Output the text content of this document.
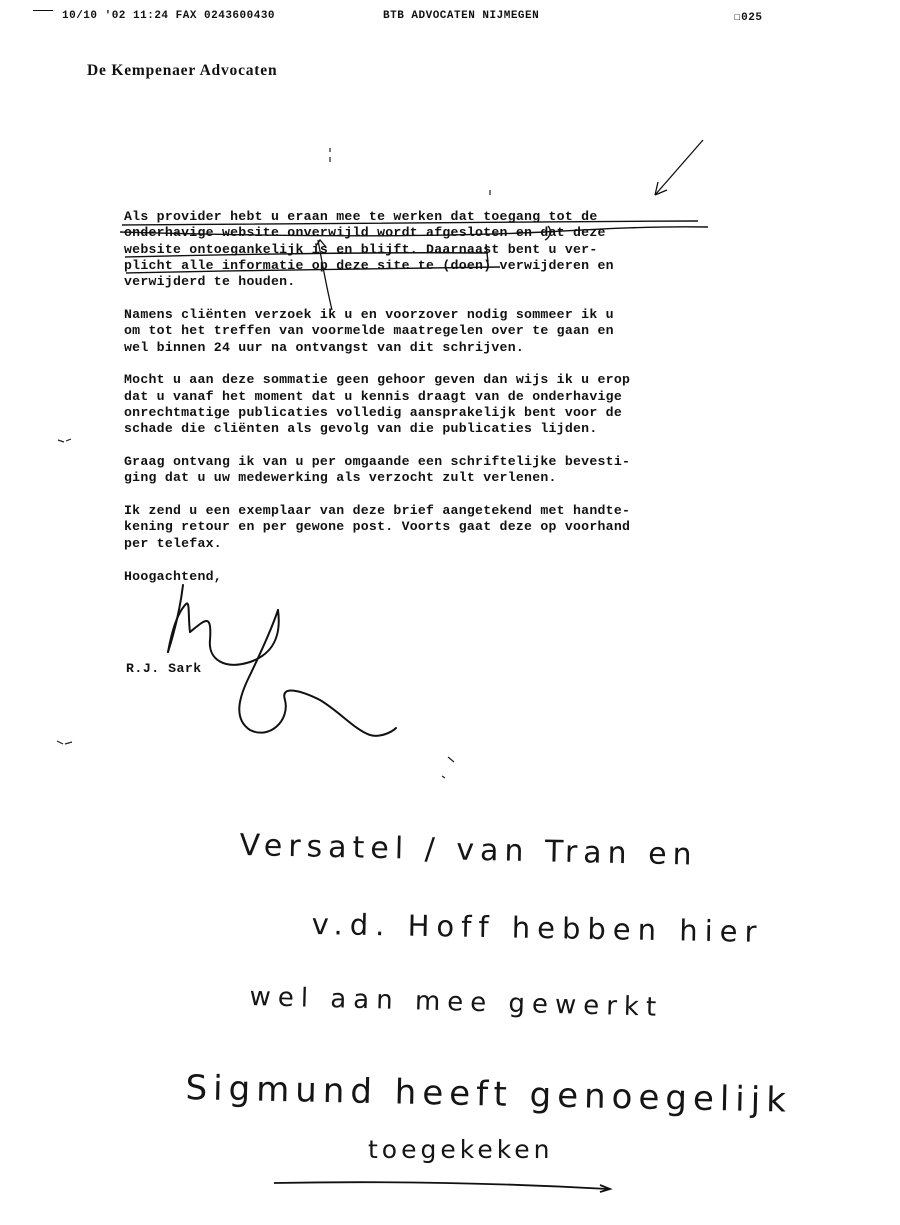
10/10 '02 11:24 FAX 0243600430	BTB ADVOCATEN NIJMEGEN	☐025
De Kempenaer Advocaten

Als provider hebt u eraan mee te werken dat toegang tot de
onderhavige website onverwijld wordt afgesloten en dat deze
website ontoegankelijk is en blijft. Daarnaast bent u ver-
plicht alle informatie op deze site te (doen) verwijderen en
verwijderd te houden.

Namens cliënten verzoek ik u en voorzover nodig sommeer ik u
om tot het treffen van voormelde maatregelen over te gaan en
wel binnen 24 uur na ontvangst van dit schrijven.

Mocht u aan deze sommatie geen gehoor geven dan wijs ik u erop
dat u vanaf het moment dat u kennis draagt van de onderhavige
onrechtmatige publicaties volledig aansprakelijk bent voor de
schade die cliënten als gevolg van die publicaties lijden.

Graag ontvang ik van u per omgaande een schriftelijke bevesti-
ging dat u uw medewerking als verzocht zult verlenen.

Ik zend u een exemplaar van deze brief aangetekend met handte-
kening retour en per gewone post. Voorts gaat deze op voorhand
per telefax.

Hoogachtend,

R.J. Sark
Versatel / van Tran en
v.d. Hoff hebben hier
wel aan mee gewerkt
Sigmund heeft genoegelijk
toegekeken
